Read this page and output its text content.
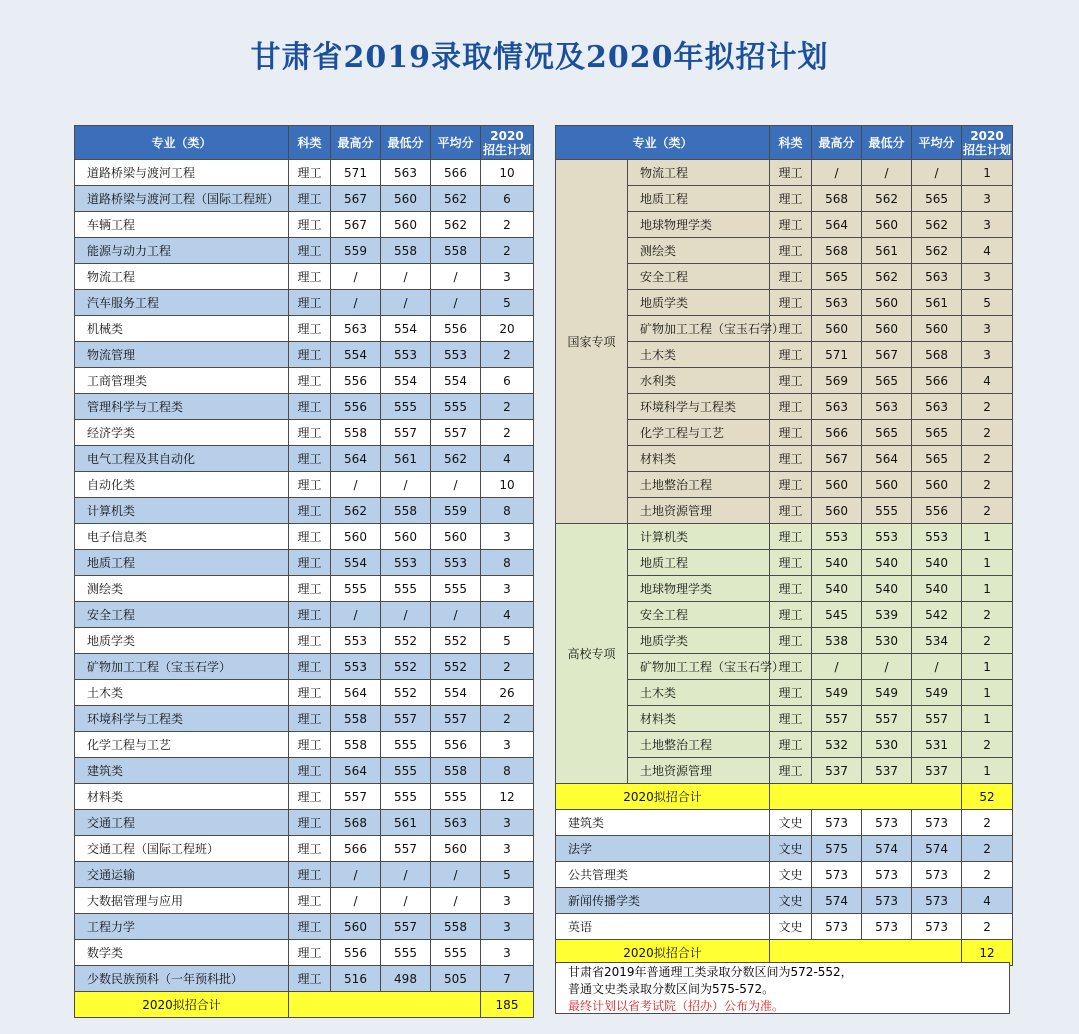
甘肃省2019录取情况及2020年拟招计划
专业（类）	科类	最高分	最低分	平均分	2020
招生计划
道路桥梁与渡河工程	理工	571	563	566	10
道路桥梁与渡河工程（国际工程班）	理工	567	560	562	6
车辆工程	理工	567	560	562	2
能源与动力工程	理工	559	558	558	2
物流工程	理工	/	/	/	3
汽车服务工程	理工	/	/	/	5
机械类	理工	563	554	556	20
物流管理	理工	554	553	553	2
工商管理类	理工	556	554	554	6
管理科学与工程类	理工	556	555	555	2
经济学类	理工	558	557	557	2
电气工程及其自动化	理工	564	561	562	4
自动化类	理工	/	/	/	10
计算机类	理工	562	558	559	8
电子信息类	理工	560	560	560	3
地质工程	理工	554	553	553	8
测绘类	理工	555	555	555	3
安全工程	理工	/	/	/	4
地质学类	理工	553	552	552	5
矿物加工工程（宝玉石学）	理工	553	552	552	2
土木类	理工	564	552	554	26
环境科学与工程类	理工	558	557	557	2
化学工程与工艺	理工	558	555	556	3
建筑类	理工	564	555	558	8
材料类	理工	557	555	555	12
交通工程	理工	568	561	563	3
交通工程（国际工程班）	理工	566	557	560	3
交通运输	理工	/	/	/	5
大数据管理与应用	理工	/	/	/	3
工程力学	理工	560	557	558	3
数学类	理工	556	555	555	3
少数民族预科（一年预科批）	理工	516	498	505	7
2020拟招合计					185
专业（类）		科类	最高分	最低分	平均分	2020
招生计划
国家专项	物流工程	理工	/	/	/	1
	地质工程	理工	568	562	565	3
	地球物理学类	理工	564	560	562	3
	测绘类	理工	568	561	562	4
	安全工程	理工	565	562	563	3
	地质学类	理工	563	560	561	5
	矿物加工工程（宝玉石学）	理工	560	560	560	3
	土木类	理工	571	567	568	3
	水利类	理工	569	565	566	4
	环境科学与工程类	理工	563	563	563	2
	化学工程与工艺	理工	566	565	565	2
	材料类	理工	567	564	565	2
	土地整治工程	理工	560	560	560	2
	土地资源管理	理工	560	555	556	2
高校专项	计算机类	理工	553	553	553	1
	地质工程	理工	540	540	540	1
	地球物理学类	理工	540	540	540	1
	安全工程	理工	545	539	542	2
	地质学类	理工	538	530	534	2
	矿物加工工程（宝玉石学）	理工	/	/	/	1
	土木类	理工	549	549	549	1
	材料类	理工	557	557	557	1
	土地整治工程	理工	532	530	531	2
	土地资源管理	理工	537	537	537	1
2020拟招合计						52
建筑类		文史	573	573	573	2
法学		文史	575	574	574	2
公共管理类		文史	573	573	573	2
新闻传播学类		文史	574	573	573	4
英语		文史	573	573	573	2
2020拟招合计						12
甘肃省2019年普通理工类录取分数区间为572-552，
普通文史类录取分数区间为575-572。
最终计划以省考试院（招办）公布为准。
